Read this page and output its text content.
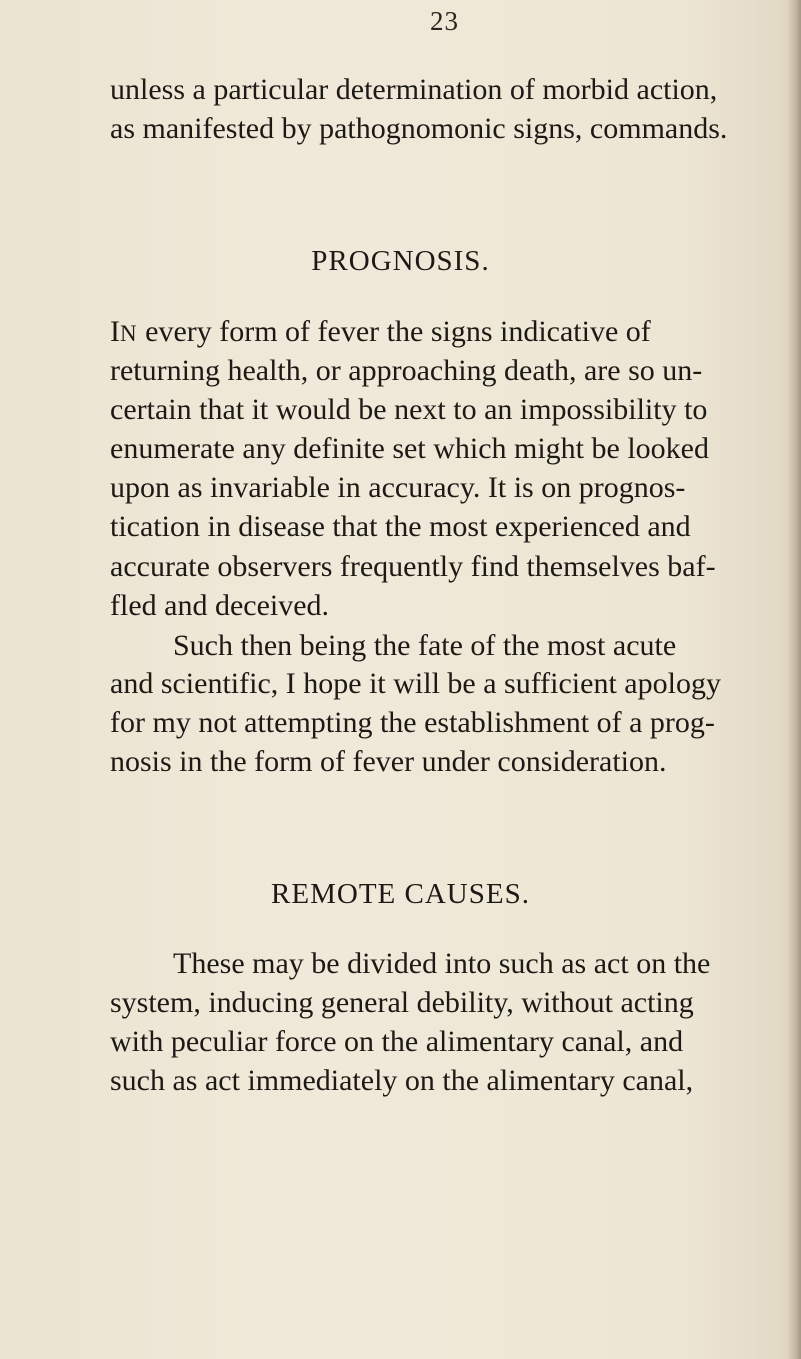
23
unless a particular determination of morbid action,
as manifested by pathognomonic signs, commands.
PROGNOSIS.
IN every form of fever the signs indicative of
returning health, or approaching death, are so un-
certain that it would be next to an impossibility to
enumerate any definite set which might be looked
upon as invariable in accuracy. It is on prognos-
tication in disease that the most experienced and
accurate observers frequently find themselves baf-
fled and deceived.
Such then being the fate of the most acute
and scientific, I hope it will be a sufficient apology
for my not attempting the establishment of a prog-
nosis in the form of fever under consideration.
REMOTE CAUSES.
These may be divided into such as act on the
system, inducing general debility, without acting
with peculiar force on the alimentary canal, and
such as act immediately on the alimentary canal,
